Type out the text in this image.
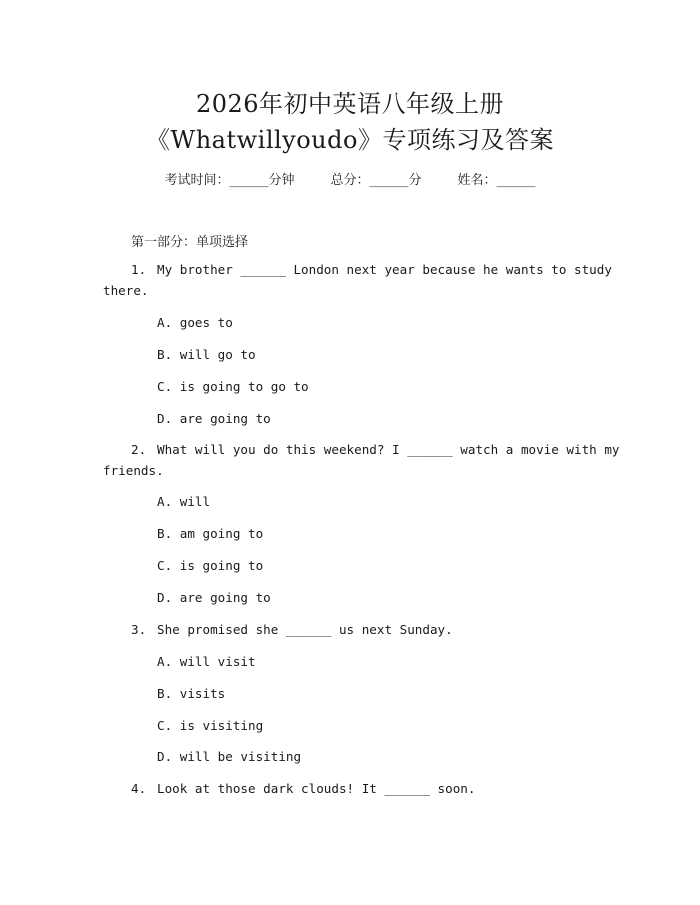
2026年初中英语八年级上册
《Whatwillyoudo》专项练习及答案
考试时间：______分钟	总分：______分	姓名：______
第一部分：单项选择
1. My brother ______ London next year because he wants to study
there.
A. goes to
B. will go to
C. is going to go to
D. are going to
2. What will you do this weekend? I ______ watch a movie with my
friends.
A. will
B. am going to
C. is going to
D. are going to
3. She promised she ______ us next Sunday.
A. will visit
B. visits
C. is visiting
D. will be visiting
4. Look at those dark clouds! It ______ soon.
